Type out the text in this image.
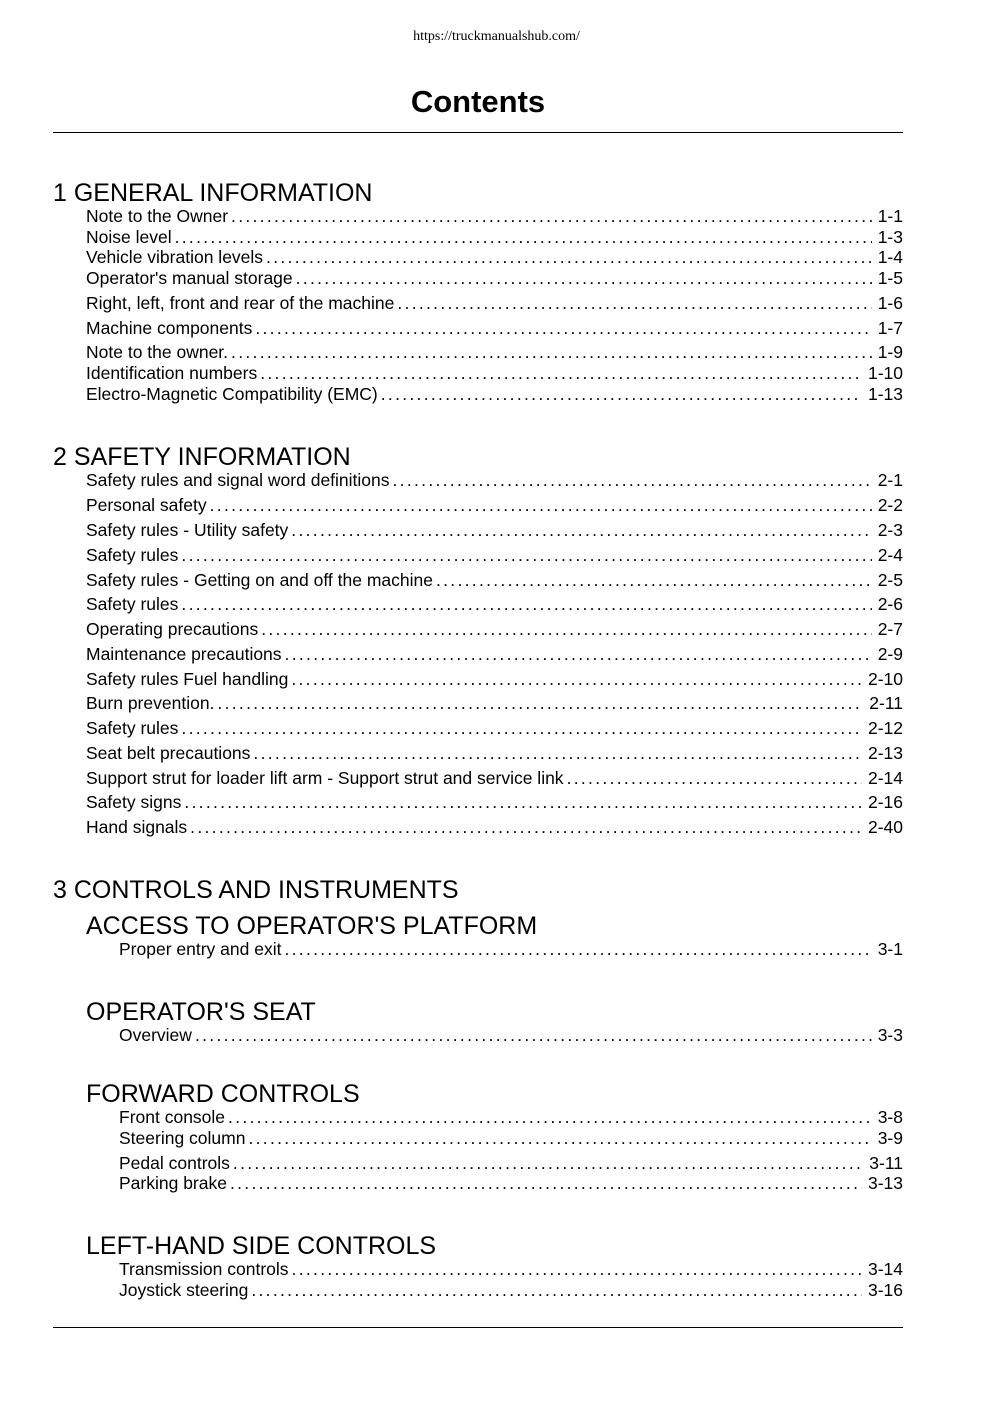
https://truckmanualshub.com/
Contents
1 GENERAL INFORMATION
Note to the Owner .....	1-1
Noise level .....	1-3
Vehicle vibration levels .....	1-4
Operator's manual storage .....	1-5
Right, left, front and rear of the machine .....	1-6
Machine components .....	1-7
Note to the owner. .....	1-9
Identification numbers .....	1-10
Electro-Magnetic Compatibility (EMC) .....	1-13
2 SAFETY INFORMATION
Safety rules and signal word definitions .....	2-1
Personal safety .....	2-2
Safety rules - Utility safety .....	2-3
Safety rules .....	2-4
Safety rules - Getting on and off the machine .....	2-5
Safety rules .....	2-6
Operating precautions .....	2-7
Maintenance precautions .....	2-9
Safety rules Fuel handling .....	2-10
Burn prevention. .....	2-11
Safety rules .....	2-12
Seat belt precautions .....	2-13
Support strut for loader lift arm - Support strut and service link .....	2-14
Safety signs .....	2-16
Hand signals .....	2-40
3 CONTROLS AND INSTRUMENTS
ACCESS TO OPERATOR'S PLATFORM
Proper entry and exit .....	3-1
OPERATOR'S SEAT
Overview .....	3-3
FORWARD CONTROLS
Front console .....	3-8
Steering column .....	3-9
Pedal controls .....	3-11
Parking brake .....	3-13
LEFT-HAND SIDE CONTROLS
Transmission controls .....	3-14
Joystick steering .....	3-16
